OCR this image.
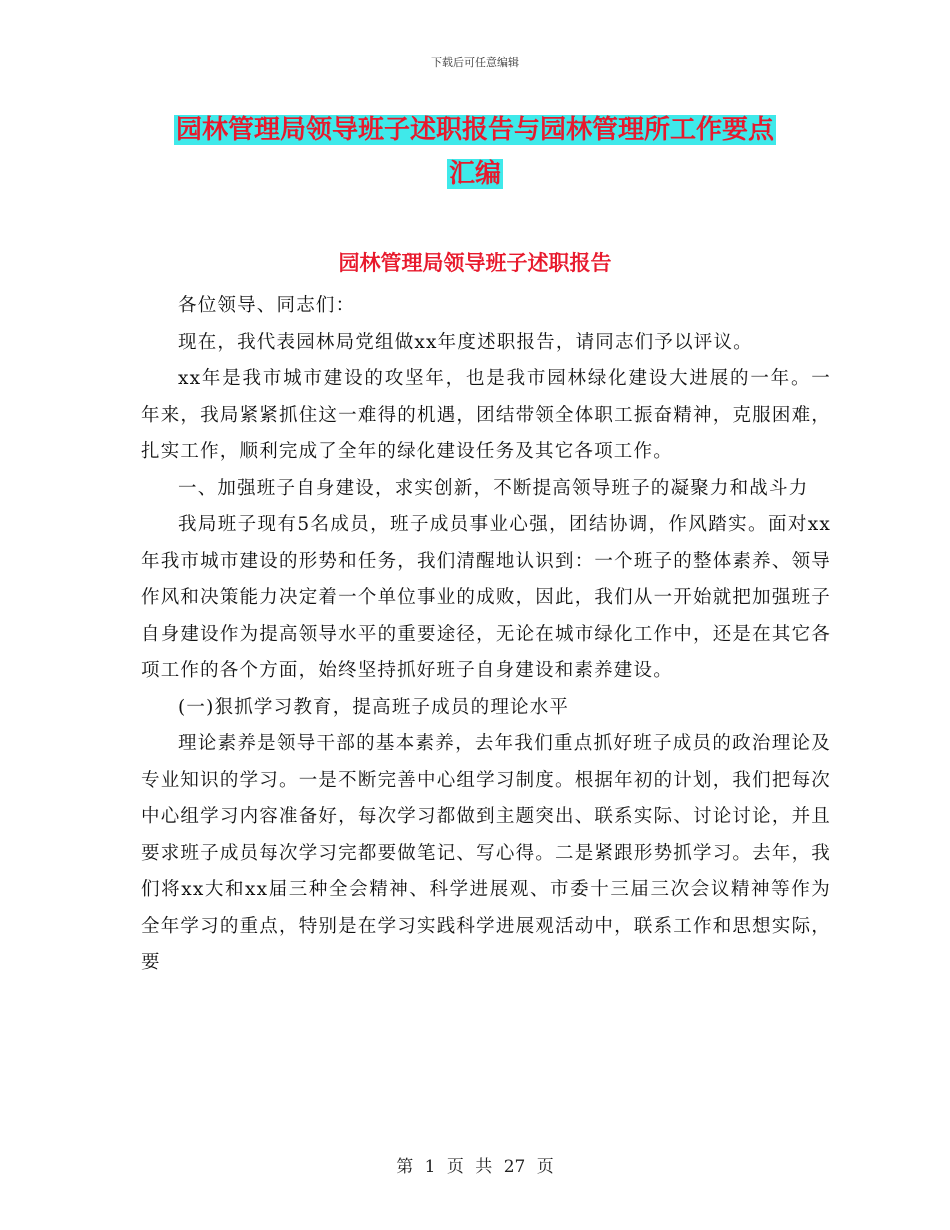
下载后可任意编辑
园林管理局领导班子述职报告与园林管理所工作要点
汇编
园林管理局领导班子述职报告

各位领导、同志们：

现在，我代表园林局党组做xx年度述职报告，请同志们予以评议。

xx年是我市城市建设的攻坚年，也是我市园林绿化建设大进展的一年。一年来，我局紧紧抓住这一难得的机遇，团结带领全体职工振奋精神，克服困难，扎实工作，顺利完成了全年的绿化建设任务及其它各项工作。

一、加强班子自身建设，求实创新，不断提高领导班子的凝聚力和战斗力

我局班子现有5名成员，班子成员事业心强，团结协调，作风踏实。面对xx年我市城市建设的形势和任务，我们清醒地认识到：一个班子的整体素养、领导作风和决策能力决定着一个单位事业的成败，因此，我们从一开始就把加强班子自身建设作为提高领导水平的重要途径，无论在城市绿化工作中，还是在其它各项工作的各个方面，始终坚持抓好班子自身建设和素养建设。

(一)狠抓学习教育，提高班子成员的理论水平

理论素养是领导干部的基本素养，去年我们重点抓好班子成员的政治理论及专业知识的学习。一是不断完善中心组学习制度。根据年初的计划，我们把每次中心组学习内容准备好，每次学习都做到主题突出、联系实际、讨论讨论，并且要求班子成员每次学习完都要做笔记、写心得。二是紧跟形势抓学习。去年，我们将xx大和xx届三种全会精神、科学进展观、市委十三届三次会议精神等作为全年学习的重点，特别是在学习实践科学进展观活动中，联系工作和思想实际，要

第 1 页 共 27 页
